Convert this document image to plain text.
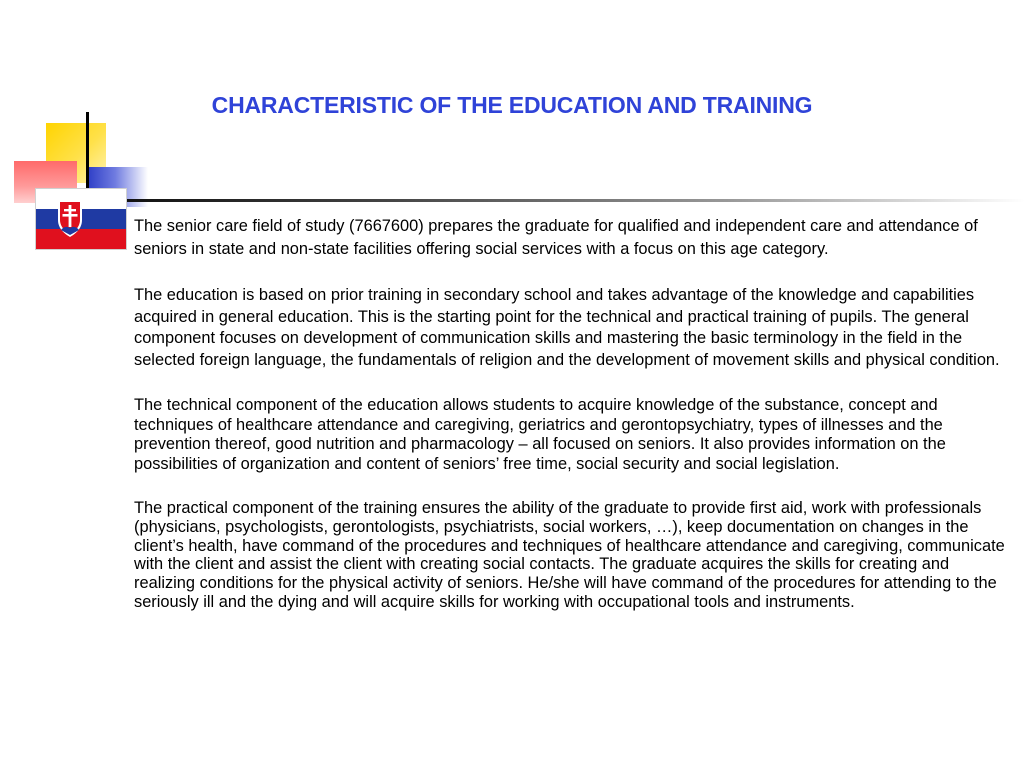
CHARACTERISTIC OF THE EDUCATION AND TRAINING

The senior care field of study (7667600) prepares the graduate for qualified and independent care and attendance of seniors in state and non-state facilities offering social services with a focus on this age category.

The education is based on prior training in secondary school and takes advantage of the knowledge and capabilities acquired in general education. This is the starting point for the technical and practical training of pupils. The general component focuses on development of communication skills and mastering the basic terminology in the field in the selected foreign language, the fundamentals of religion and the development of movement skills and physical condition.

The technical component of the education allows students to acquire knowledge of the substance, concept and techniques of healthcare attendance and caregiving, geriatrics and gerontopsychiatry, types of illnesses and the prevention thereof, good nutrition and pharmacology – all focused on seniors. It also provides information on the possibilities of organization and content of seniors’ free time, social security and social legislation.

The practical component of the training ensures the ability of the graduate to provide first aid, work with professionals (physicians, psychologists, gerontologists, psychiatrists, social workers, …), keep documentation on changes in the client’s health, have command of the procedures and techniques of healthcare attendance and caregiving, communicate with the client and assist the client with creating social contacts. The graduate acquires the skills for creating and realizing conditions for the physical activity of seniors. He/she will have command of the procedures for attending to the seriously ill and the dying and will acquire skills for working with occupational tools and instruments.
